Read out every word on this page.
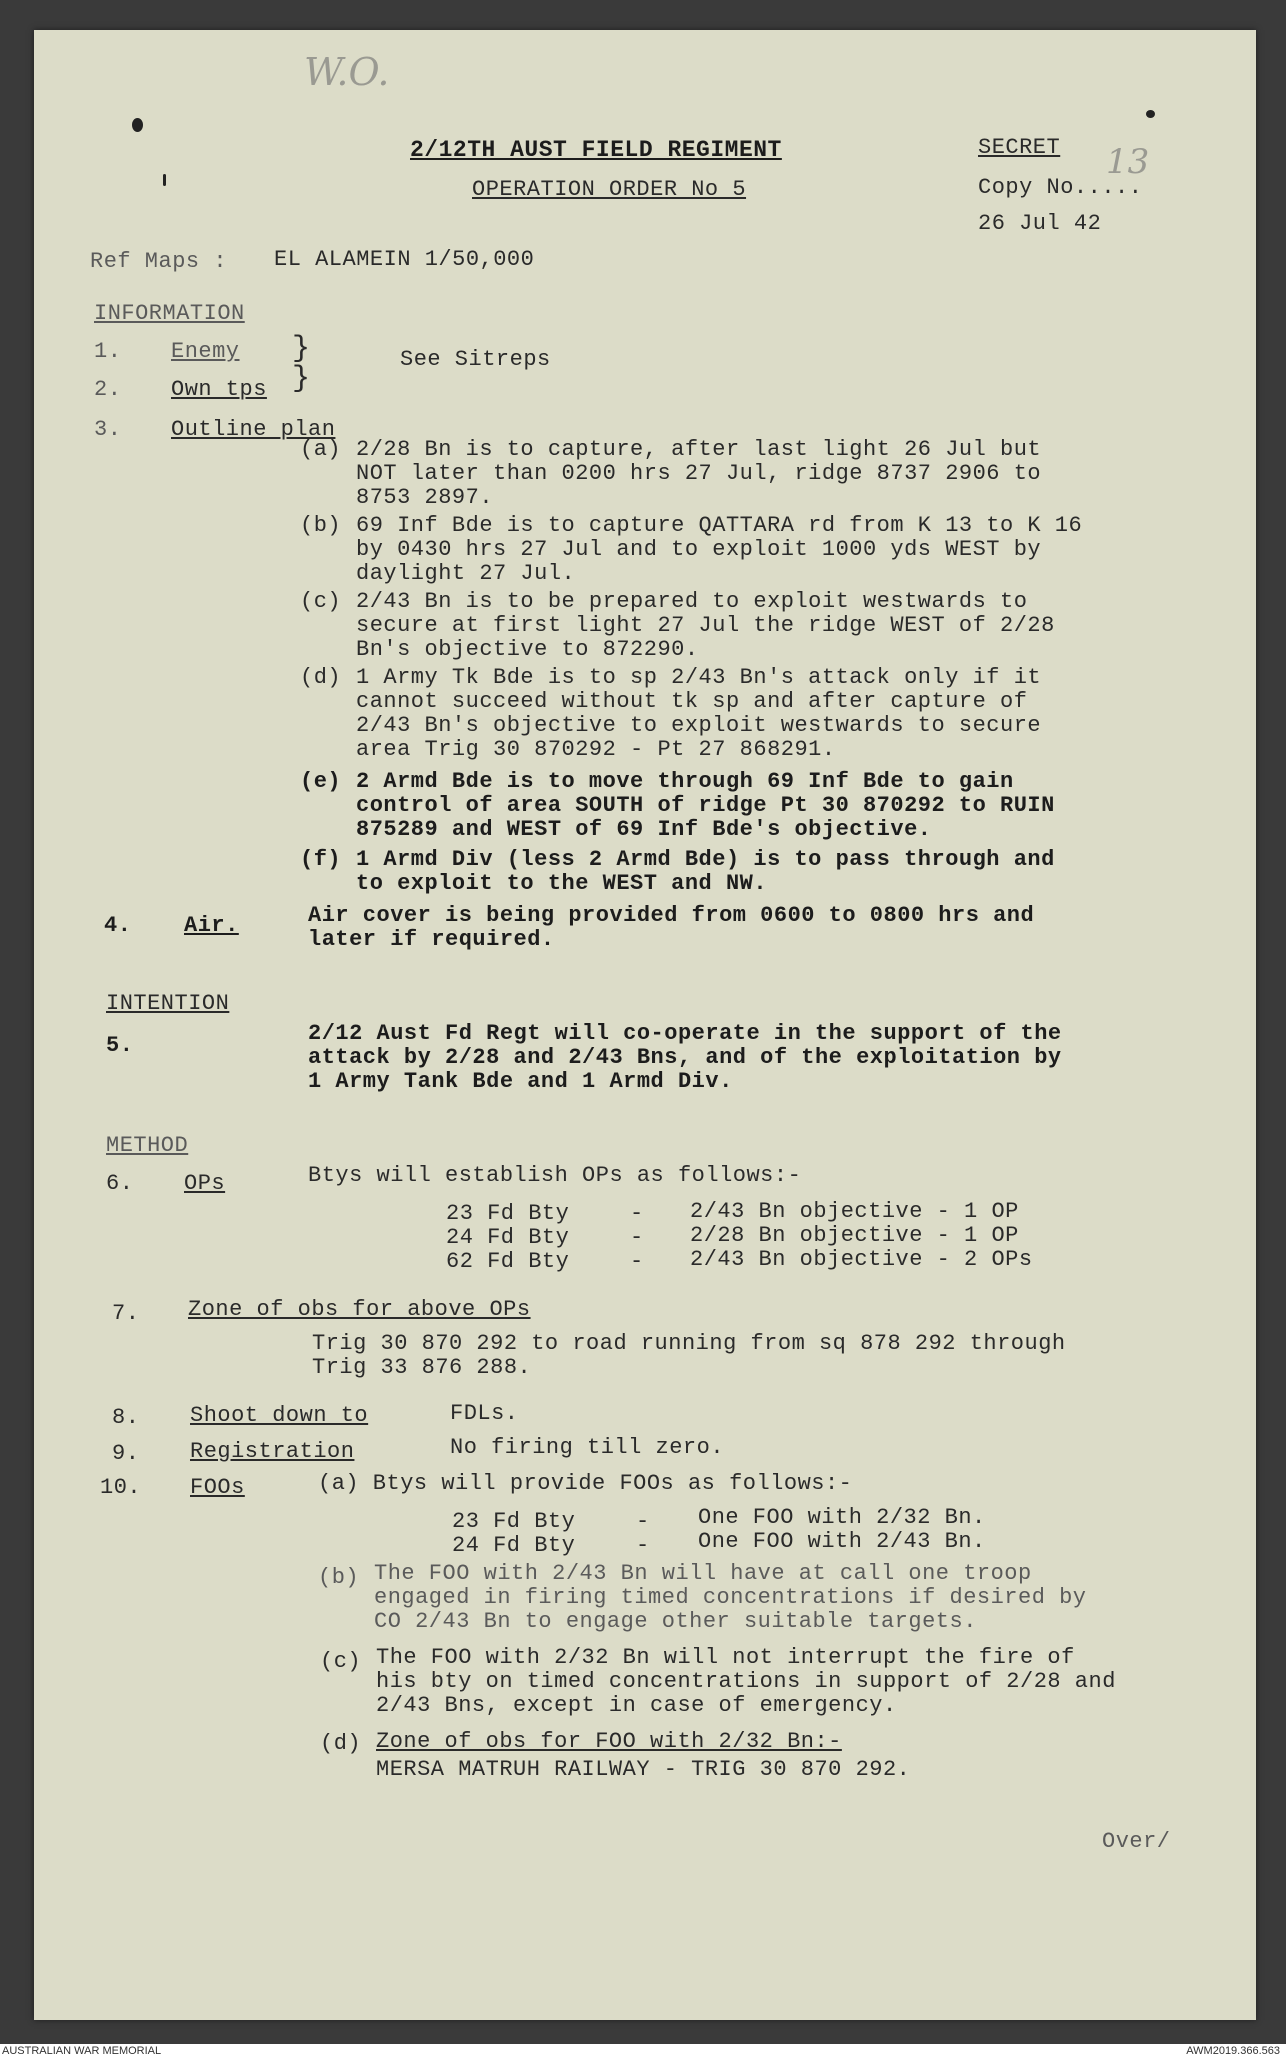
W.O.
2/12TH AUST FIELD REGIMENT
OPERATION ORDER No 5
SECRET
Copy No.....
13
26 Jul 42
Ref Maps : EL ALAMEIN 1/50,000
INFORMATION
1. Enemy
2. Own tps
}
}
See Sitreps
3. Outline plan
(a) 2/28 Bn is to capture, after last light 26 Jul but
NOT later than 0200 hrs 27 Jul, ridge 8737 2906 to
8753 2897.
(b) 69 Inf Bde is to capture QATTARA rd from K 13 to K 16
by 0430 hrs 27 Jul and to exploit 1000 yds WEST by
daylight 27 Jul.
(c) 2/43 Bn is to be prepared to exploit westwards to
secure at first light 27 Jul the ridge WEST of 2/28
Bn's objective to 872290.
(d) 1 Army Tk Bde is to sp 2/43 Bn's attack only if it
cannot succeed without tk sp and after capture of
2/43 Bn's objective to exploit westwards to secure
area Trig 30 870292 - Pt 27 868291.
(e) 2 Armd Bde is to move through 69 Inf Bde to gain
control of area SOUTH of ridge Pt 30 870292 to RUIN
875289 and WEST of 69 Inf Bde's objective.
(f) 1 Armd Div (less 2 Armd Bde) is to pass through and
to exploit to the WEST and NW.
4. Air.	Air cover is being provided from 0600 to 0800 hrs and
later if required.
INTENTION
5.	2/12 Aust Fd Regt will co-operate in the support of the
attack by 2/28 and 2/43 Bns, and of the exploitation by
1 Army Tank Bde and 1 Armd Div.
METHOD
6. OPs	Btys will establish OPs as follows:-
23 Fd Bty	- 2/43 Bn objective - 1 OP
24 Fd Bty	- 2/28 Bn objective - 1 OP
62 Fd Bty	- 2/43 Bn objective - 2 OPs
7. Zone of obs for above OPs
Trig 30 870 292 to road running from sq 878 292 through
Trig 33 876 288.
8. Shoot down to	FDLs.
9. Registration	No firing till zero.
10. FOOs	(a) Btys will provide FOOs as follows:-
23 Fd Bty	- One FOO with 2/32 Bn.
24 Fd Bty	- One FOO with 2/43 Bn.
(b) The FOO with 2/43 Bn will have at call one troop
engaged in firing timed concentrations if desired by
CO 2/43 Bn to engage other suitable targets.
(c) The FOO with 2/32 Bn will not interrupt the fire of
his bty on timed concentrations in support of 2/28 and
2/43 Bns, except in case of emergency.
(d) Zone of obs for FOO with 2/32 Bn:-
MERSA MATRUH RAILWAY - TRIG 30 870 292.
Over/
AUSTRALIAN WAR MEMORIAL	AWM2019.366.563
